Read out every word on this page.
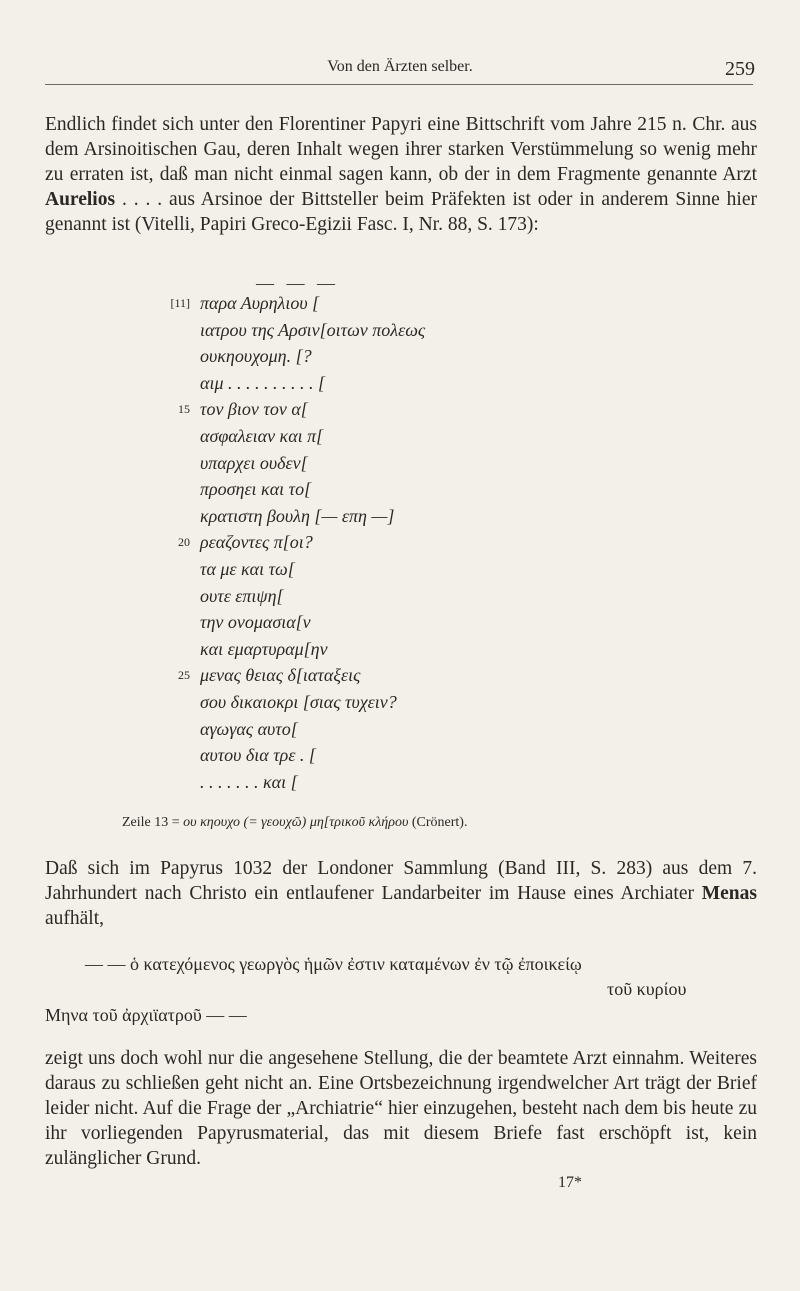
Von den Ärzten selber.	259
Endlich findet sich unter den Florentiner Papyri eine Bittschrift vom Jahre 215 n. Chr. aus dem Arsinoitischen Gau, deren Inhalt wegen ihrer starken Verstümmelung so wenig mehr zu erraten ist, daß man nicht einmal sagen kann, ob der in dem Fragmente genannte Arzt Aurelios . . . . aus Arsinoe der Bittsteller beim Präfekten ist oder in anderem Sinne hier genannt ist (Vitelli, Papiri Greco-Egizii Fasc. I, Nr. 88, S. 173):
— — —
[11] παρα Αυρηλιου [
ιατρου της Αρσιν[οιτων πολεως
ουκηουχομη. [?
αιμ . . . . . . . . . . [
15 τον βιον τον α[
ασφαλειαν και π[
υπαρχει ουδεν[
προσηει και το[
κρατιστη βουλη [— επη —]
20 ρεαζοντες π[οι?
τα με και τω[
ουτε επιψη[
την ονομασια[ν
και εμαρτυραμ[ην
25 μενας θειας δ[ιαταξεις
σου δικαιοκρι [σιας τυχειν?
αγωγας αυτο[
αυτου δια τρε . [
. . . . . . . και [
Zeile 13 = ου κηουχο (= γεουχῶ) μη[τρικοῦ κλήρου (Crönert).
Daß sich im Papyrus 1032 der Londoner Sammlung (Band III, S. 283) aus dem 7. Jahrhundert nach Christo ein entlaufener Landarbeiter im Hause eines Archiater Menas aufhält,
— — ὁ κατεχόμενος γεωργὸς ἡμῶν ἐστιν καταμένων ἐν τῷ ἐποικείῳ
τοῦ κυρίου
Μηνα τοῦ ἀρχιϊατροῦ — —
zeigt uns doch wohl nur die angesehene Stellung, die der beamtete Arzt einnahm. Weiteres daraus zu schließen geht nicht an. Eine Ortsbezeichnung irgendwelcher Art trägt der Brief leider nicht. Auf die Frage der „Archiatrie“ hier einzugehen, besteht nach dem bis heute zu ihr vorliegenden Papyrusmaterial, das mit diesem Briefe fast erschöpft ist, kein zulänglicher Grund.
17*
